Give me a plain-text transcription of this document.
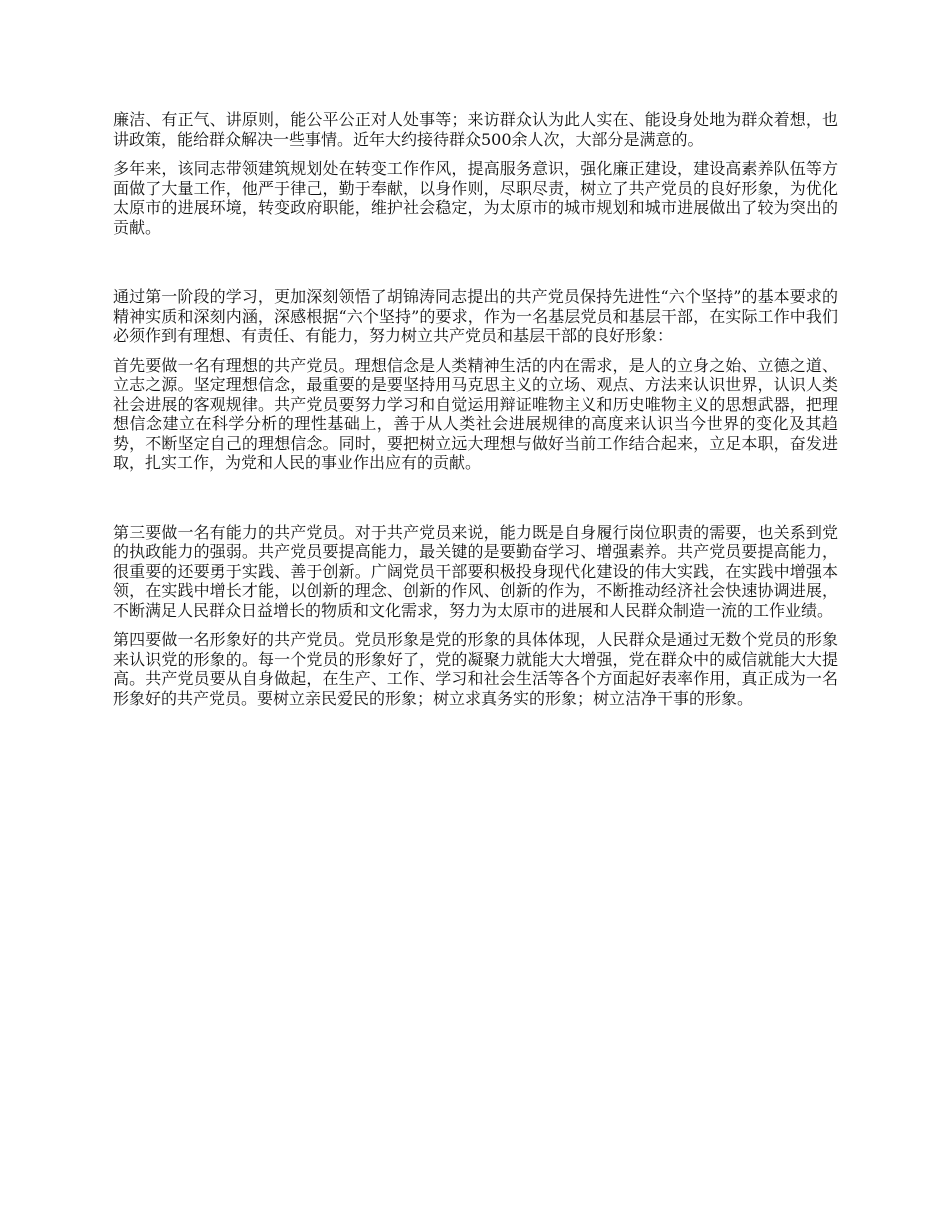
廉洁、有正气、讲原则，能公平公正对人处事等；来访群众认为此人实在、能设身处地为群众着想，也讲政策，能给群众解决一些事情。近年大约接待群众500余人次，大部分是满意的。

多年来，该同志带领建筑规划处在转变工作作风，提高服务意识，强化廉正建设，建设高素养队伍等方面做了大量工作，他严于律己，勤于奉献，以身作则，尽职尽责，树立了共产党员的良好形象，为优化太原市的进展环境，转变政府职能，维护社会稳定，为太原市的城市规划和城市进展做出了较为突出的贡献。

通过第一阶段的学习，更加深刻领悟了胡锦涛同志提出的共产党员保持先进性“六个坚持”的基本要求的精神实质和深刻内涵，深感根据“六个坚持”的要求，作为一名基层党员和基层干部，在实际工作中我们必须作到有理想、有责任、有能力，努力树立共产党员和基层干部的良好形象：

首先要做一名有理想的共产党员。理想信念是人类精神生活的内在需求，是人的立身之始、立德之道、立志之源。坚定理想信念，最重要的是要坚持用马克思主义的立场、观点、方法来认识世界，认识人类社会进展的客观规律。共产党员要努力学习和自觉运用辩证唯物主义和历史唯物主义的思想武器，把理想信念建立在科学分析的理性基础上，善于从人类社会进展规律的高度来认识当今世界的变化及其趋势，不断坚定自己的理想信念。同时，要把树立远大理想与做好当前工作结合起来，立足本职，奋发进取，扎实工作，为党和人民的事业作出应有的贡献。

第三要做一名有能力的共产党员。对于共产党员来说，能力既是自身履行岗位职责的需要，也关系到党的执政能力的强弱。共产党员要提高能力，最关键的是要勤奋学习、增强素养。共产党员要提高能力，很重要的还要勇于实践、善于创新。广阔党员干部要积极投身现代化建设的伟大实践，在实践中增强本领，在实践中增长才能，以创新的理念、创新的作风、创新的作为，不断推动经济社会快速协调进展，不断满足人民群众日益增长的物质和文化需求，努力为太原市的进展和人民群众制造一流的工作业绩。

第四要做一名形象好的共产党员。党员形象是党的形象的具体体现，人民群众是通过无数个党员的形象来认识党的形象的。每一个党员的形象好了，党的凝聚力就能大大增强，党在群众中的威信就能大大提高。共产党员要从自身做起，在生产、工作、学习和社会生活等各个方面起好表率作用，真正成为一名形象好的共产党员。要树立亲民爱民的形象；树立求真务实的形象；树立洁净干事的形象。
